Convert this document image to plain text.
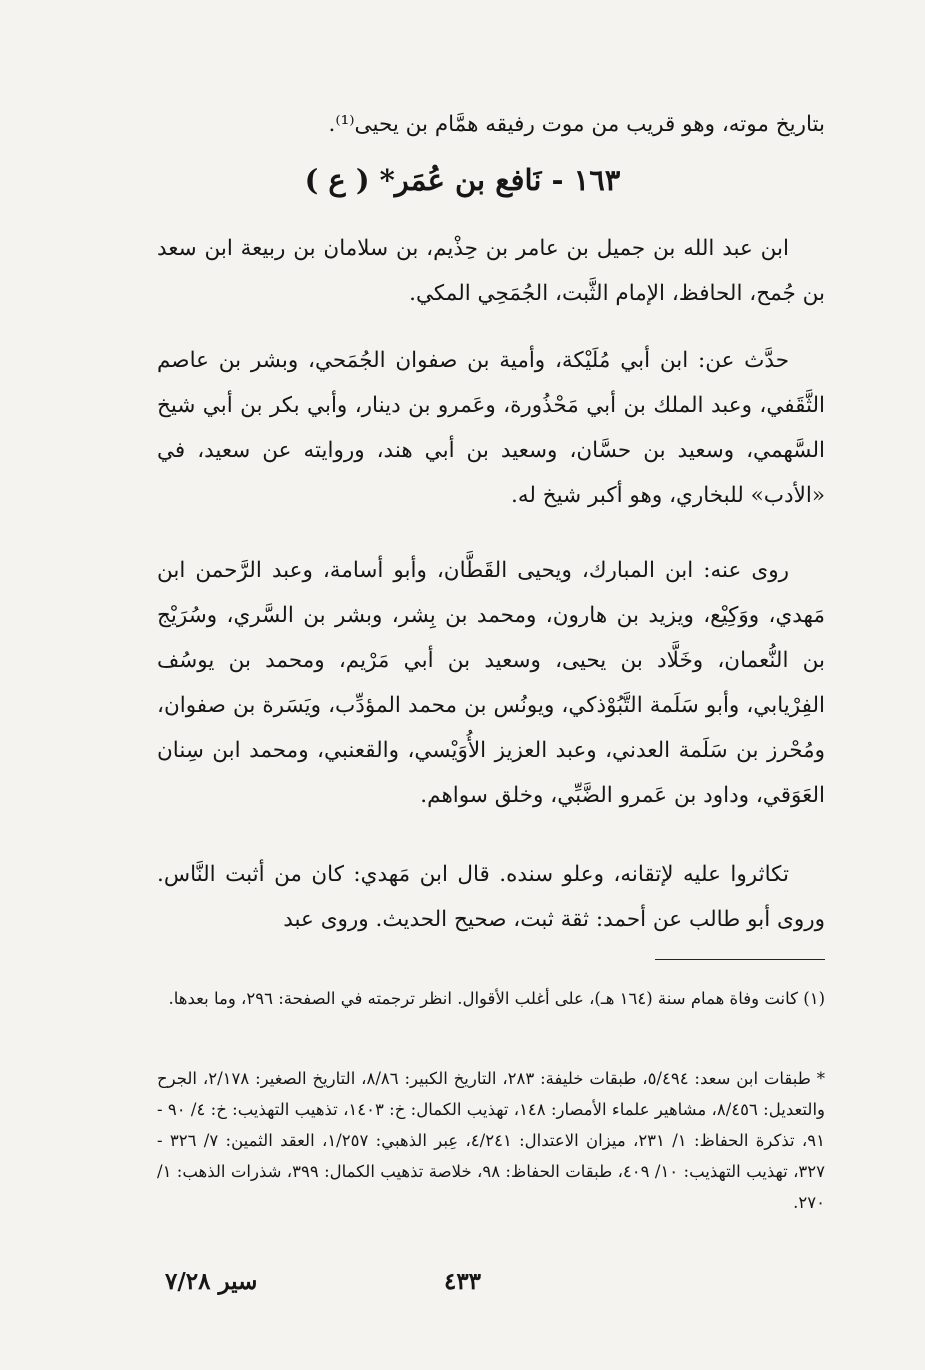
بتاريخ موته، وهو قريب من موت رفيقه همَّام بن يحيى⁽¹⁾.

١٦٣ - نَافع بن عُمَر* ( ع )

ابن عبد الله بن جميل بن عامر بن حِذْيم، بن سلامان بن ربيعة ابن سعد بن جُمح، الحافظ، الإمام الثَّبت، الجُمَحِي المكي.

حدَّث عن: ابن أبي مُلَيْكة، وأمية بن صفوان الجُمَحي، وبشر بن عاصم الثَّقَفي، وعبد الملك بن أبي مَحْذُورة، وعَمرو بن دينار، وأبي بكر بن أبي شيخ السَّهمي، وسعيد بن حسَّان، وسعيد بن أبي هند، وروايته عن سعيد، في «الأدب» للبخاري، وهو أكبر شيخ له.

روى عنه: ابن المبارك، ويحيى القَطَّان، وأبو أسامة، وعبد الرَّحمن ابن مَهدي، ووَكِيْع، ويزيد بن هارون، ومحمد بن بِشر، وبشر بن السَّري، وسُرَيْج بن النُّعمان، وخَلَّاد بن يحيى، وسعيد بن أبي مَرْيم، ومحمد بن يوسُف الفِرْيابي، وأبو سَلَمة التَّبُوْذكي، ويونُس بن محمد المؤدِّب، ويَسَرة بن صفوان، ومُحْرز بن سَلَمة العدني، وعبد العزيز الأُوَيْسي، والقعنبي، ومحمد ابن سِنان العَوَقي، وداود بن عَمرو الضَّبِّي، وخلق سواهم.

تكاثروا عليه لإتقانه، وعلو سنده. قال ابن مَهدي: كان من أثبت النَّاس. وروى أبو طالب عن أحمد: ثقة ثبت، صحيح الحديث. وروى عبد

(١) كانت وفاة همام سنة (١٦٤ هـ)، على أغلب الأقوال. انظر ترجمته في الصفحة: ٢٩٦، وما بعدها.

* طبقات ابن سعد: ٥/٤٩٤، طبقات خليفة: ٢٨٣، التاريخ الكبير: ٨/٨٦، التاريخ الصغير: ٢/١٧٨، الجرح والتعديل: ٨/٤٥٦، مشاهير علماء الأمصار: ١٤٨، تهذيب الكمال: خ: ١٤٠٣، تذهيب التهذيب: خ: ٤/ ٩٠ - ٩١، تذكرة الحفاظ: ١/ ٢٣١، ميزان الاعتدال: ٤/٢٤١، عِبر الذهبي: ١/٢٥٧، العقد الثمين: ٧/ ٣٢٦ - ٣٢٧، تهذيب التهذيب: ١٠/ ٤٠٩، طبقات الحفاظ: ٩٨، خلاصة تذهيب الكمال: ٣٩٩، شذرات الذهب: ١/ ٢٧٠.

٤٣٣
سير ٧/٢٨
